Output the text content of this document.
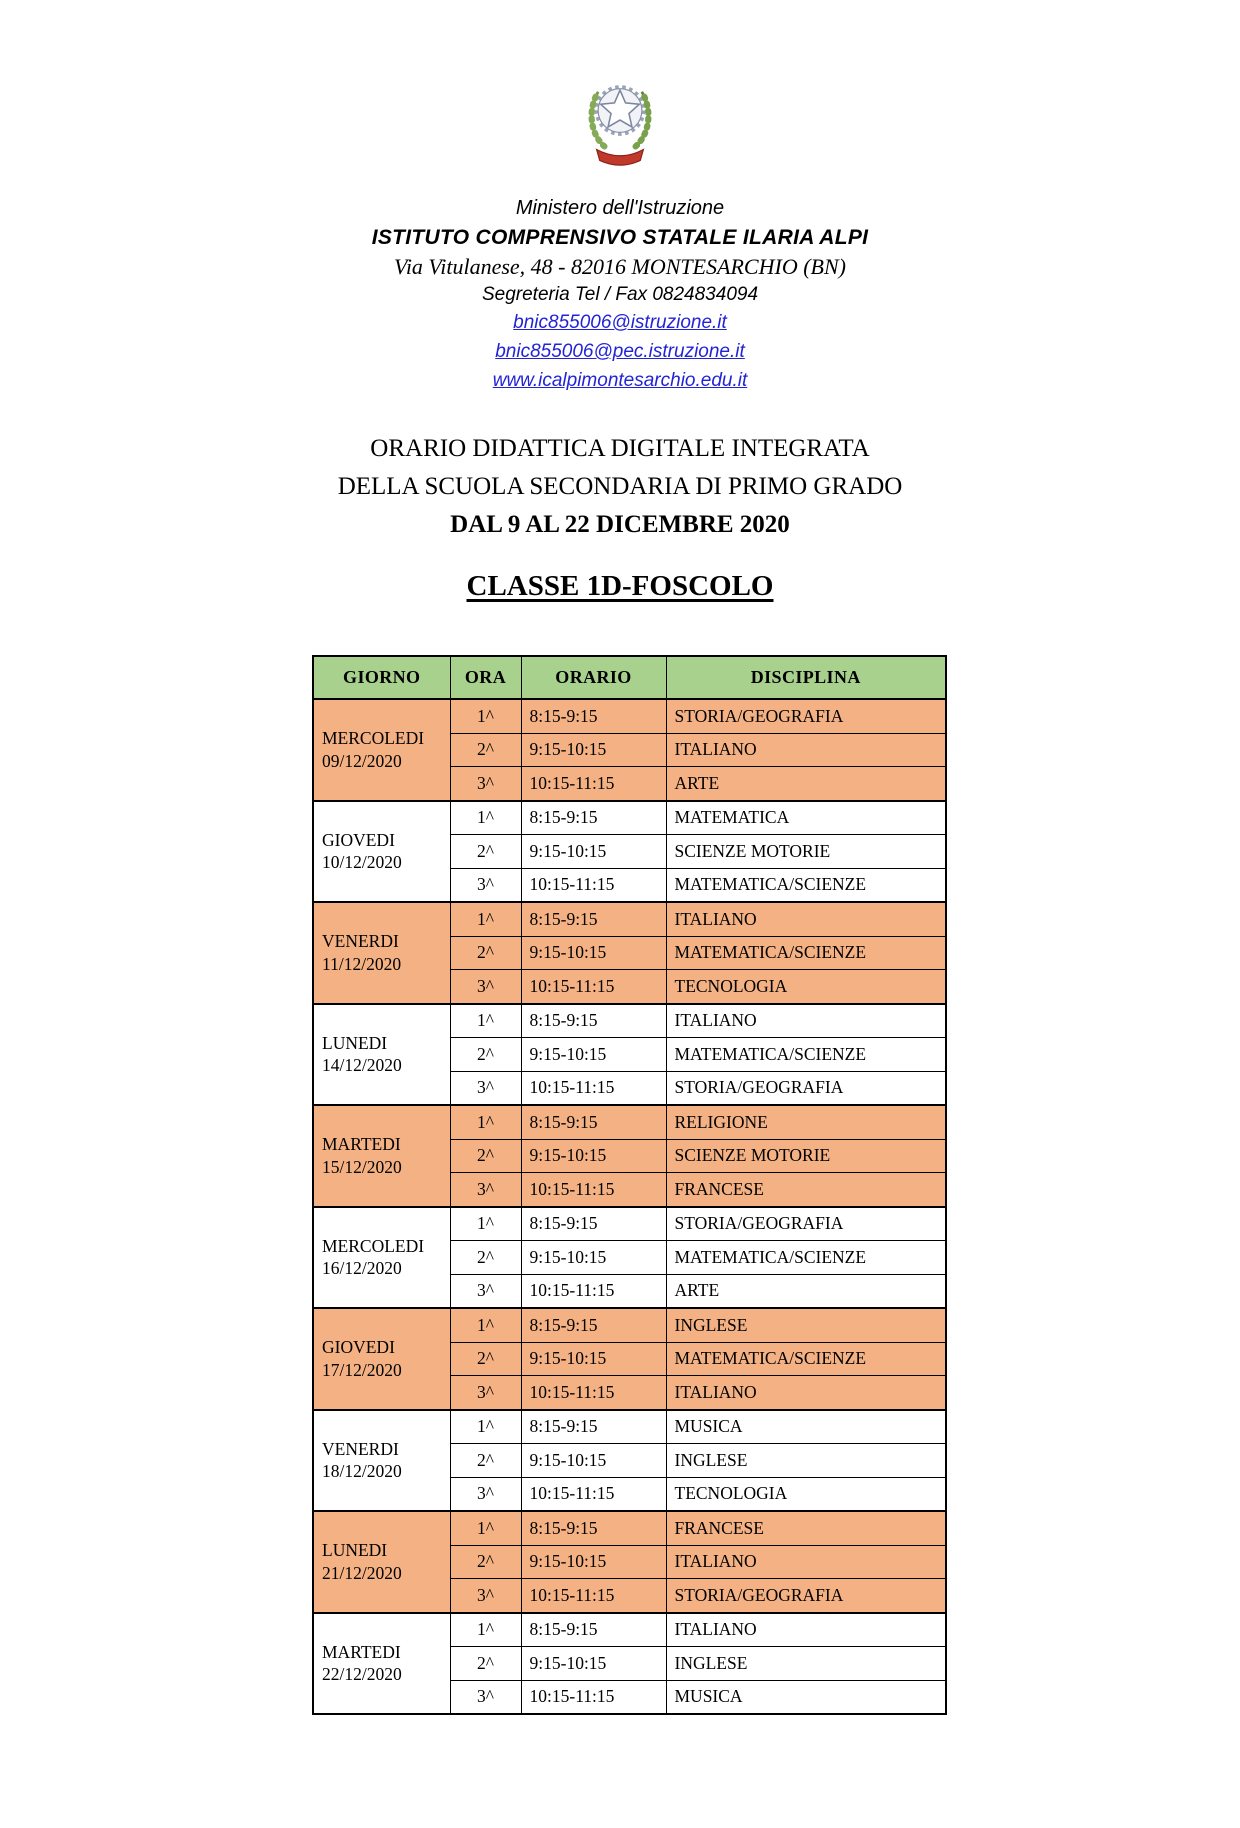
Ministero dell'Istruzione

ISTITUTO COMPRENSIVO STATALE ILARIA ALPI

Via Vitulanese, 48 - 82016 MONTESARCHIO (BN)

Segreteria Tel / Fax 0824834094

bnic855006@istruzione.it

bnic855006@pec.istruzione.it

www.icalpimontesarchio.edu.it

ORARIO DIDATTICA DIGITALE INTEGRATA

DELLA SCUOLA SECONDARIA DI PRIMO GRADO

DAL 9 AL 22 DICEMBRE 2020

CLASSE 1D-FOSCOLO

GIORNO	ORA	ORARIO	DISCIPLINA
MERCOLEDI
09/12/2020	1^	8:15-9:15	STORIA/GEOGRAFIA
	2^	9:15-10:15	ITALIANO
	3^	10:15-11:15	ARTE
GIOVEDI
10/12/2020	1^	8:15-9:15	MATEMATICA
	2^	9:15-10:15	SCIENZE MOTORIE
	3^	10:15-11:15	MATEMATICA/SCIENZE
VENERDI
11/12/2020	1^	8:15-9:15	ITALIANO
	2^	9:15-10:15	MATEMATICA/SCIENZE
	3^	10:15-11:15	TECNOLOGIA
LUNEDI
14/12/2020	1^	8:15-9:15	ITALIANO
	2^	9:15-10:15	MATEMATICA/SCIENZE
	3^	10:15-11:15	STORIA/GEOGRAFIA
MARTEDI
15/12/2020	1^	8:15-9:15	RELIGIONE
	2^	9:15-10:15	SCIENZE MOTORIE
	3^	10:15-11:15	FRANCESE
MERCOLEDI
16/12/2020	1^	8:15-9:15	STORIA/GEOGRAFIA
	2^	9:15-10:15	MATEMATICA/SCIENZE
	3^	10:15-11:15	ARTE
GIOVEDI
17/12/2020	1^	8:15-9:15	INGLESE
	2^	9:15-10:15	MATEMATICA/SCIENZE
	3^	10:15-11:15	ITALIANO
VENERDI
18/12/2020	1^	8:15-9:15	MUSICA
	2^	9:15-10:15	INGLESE
	3^	10:15-11:15	TECNOLOGIA
LUNEDI
21/12/2020	1^	8:15-9:15	FRANCESE
	2^	9:15-10:15	ITALIANO
	3^	10:15-11:15	STORIA/GEOGRAFIA
MARTEDI
22/12/2020	1^	8:15-9:15	ITALIANO
	2^	9:15-10:15	INGLESE
	3^	10:15-11:15	MUSICA
